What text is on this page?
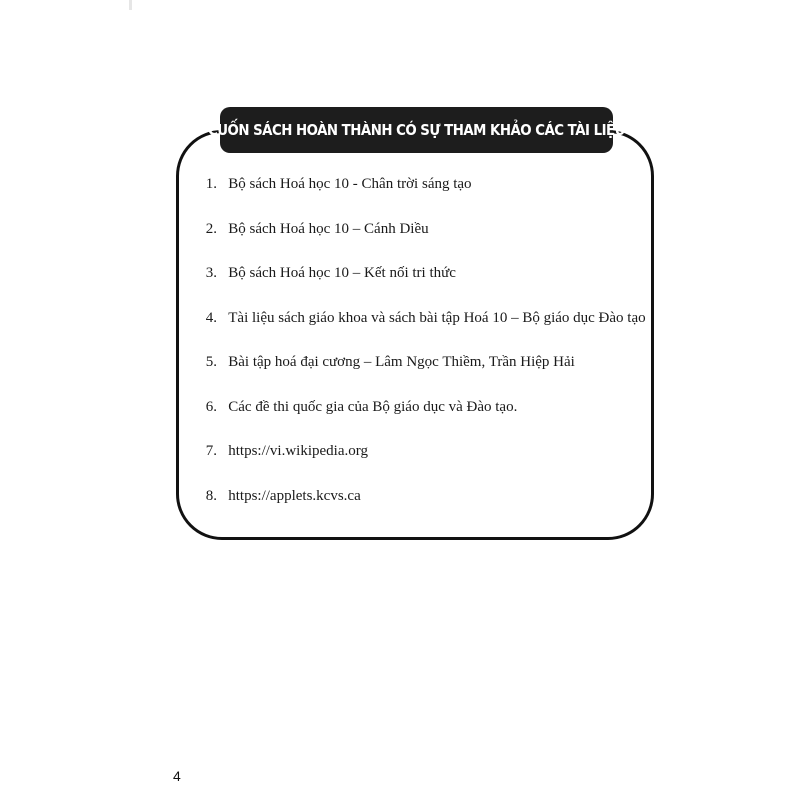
CUỐN SÁCH HOÀN THÀNH CÓ SỰ THAM KHẢO CÁC TÀI LIỆU
1.
Bộ sách Hoá học 10 - Chân trời sáng tạo
2.
Bộ sách Hoá học 10 – Cánh Diều
3.
Bộ sách Hoá học 10 – Kết nối tri thức
4.
Tài liệu sách giáo khoa và sách bài tập Hoá 10 – Bộ giáo dục Đào tạo
5.
Bài tập hoá đại cương – Lâm Ngọc Thiềm, Trần Hiệp Hải
6.
Các đề thi quốc gia của Bộ giáo dục và Đào tạo.
7.
https://vi.wikipedia.org
8.
https://applets.kcvs.ca
4
